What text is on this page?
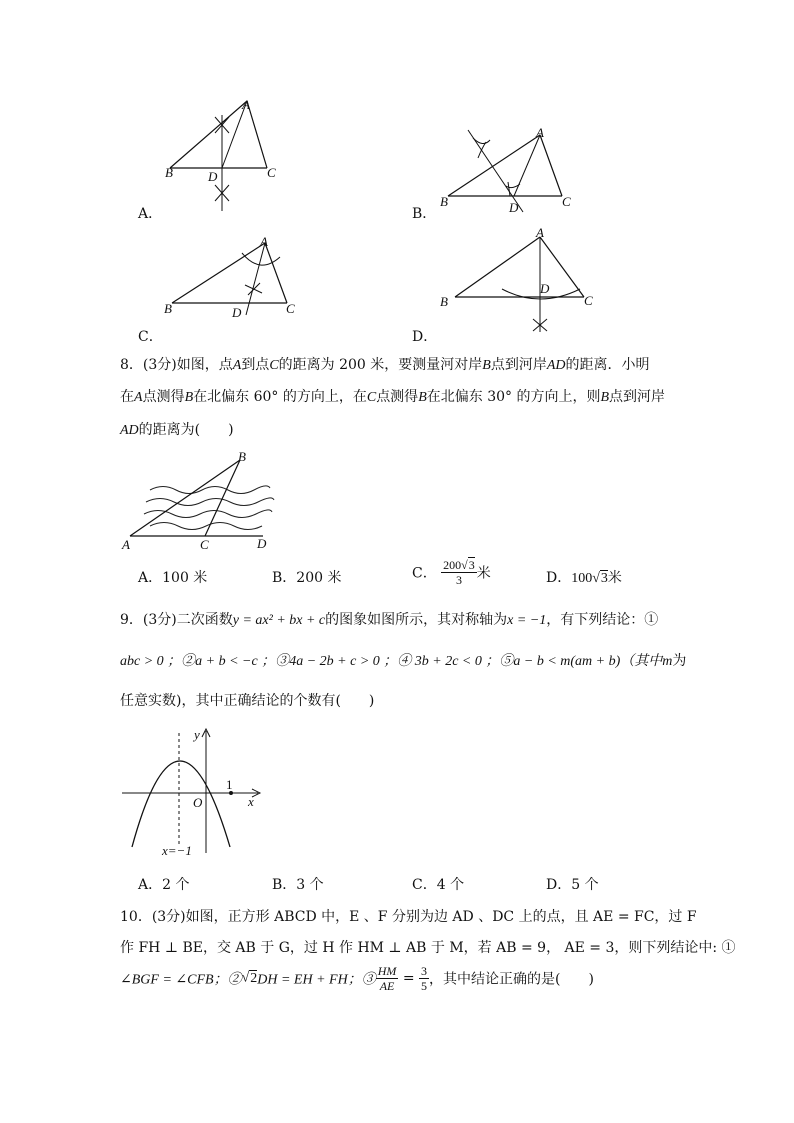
A
B	C
D
A．
A
B	C
D
B．
A
B	C
D
C．
A
B	C
D
D．
8．(3分)如图，点A到点C的距离为 200 米，要测量河对岸B点到河岸AD的距离．小明
在A点测得B在北偏东 60° 的方向上，在C点测得B在北偏东 30° 的方向上，则B点到河岸
AD的距离为(　　)
A
B
C	D
A．100 米	B．200 米	C． $\frac{200√3}{3}$ 米	D．100√3米
9．(3分)二次函数y = ax² + bx + c的图象如图所示，其对称轴为x = −1，有下列结论：①
abc > 0 ；②a + b < −c ；③4a − 2b + c > 0 ；④ 3b + 2c < 0 ；⑤a − b < m(am + b)（其中m为
任意实数)，其中正确结论的个数有(　　)
y
x
O
1
x=−1
A．2 个	B．3 个	C．4 个	D．5 个
10．(3分)如图，正方形 ABCD 中，E 、F 分别为边 AD 、DC 上的点，且 AE = FC，过 F
作 FH ⊥ BE，交 AB 于 G，过 H 作 HM ⊥ AB 于 M，若 AB = 9， AE = 3，则下列结论中: ①
∠BGF = ∠CFB；②√2DH = EH + FH；③ $\frac{HM}{AE} = \frac{3}{5}$ ，其中结论正确的是(　　)
